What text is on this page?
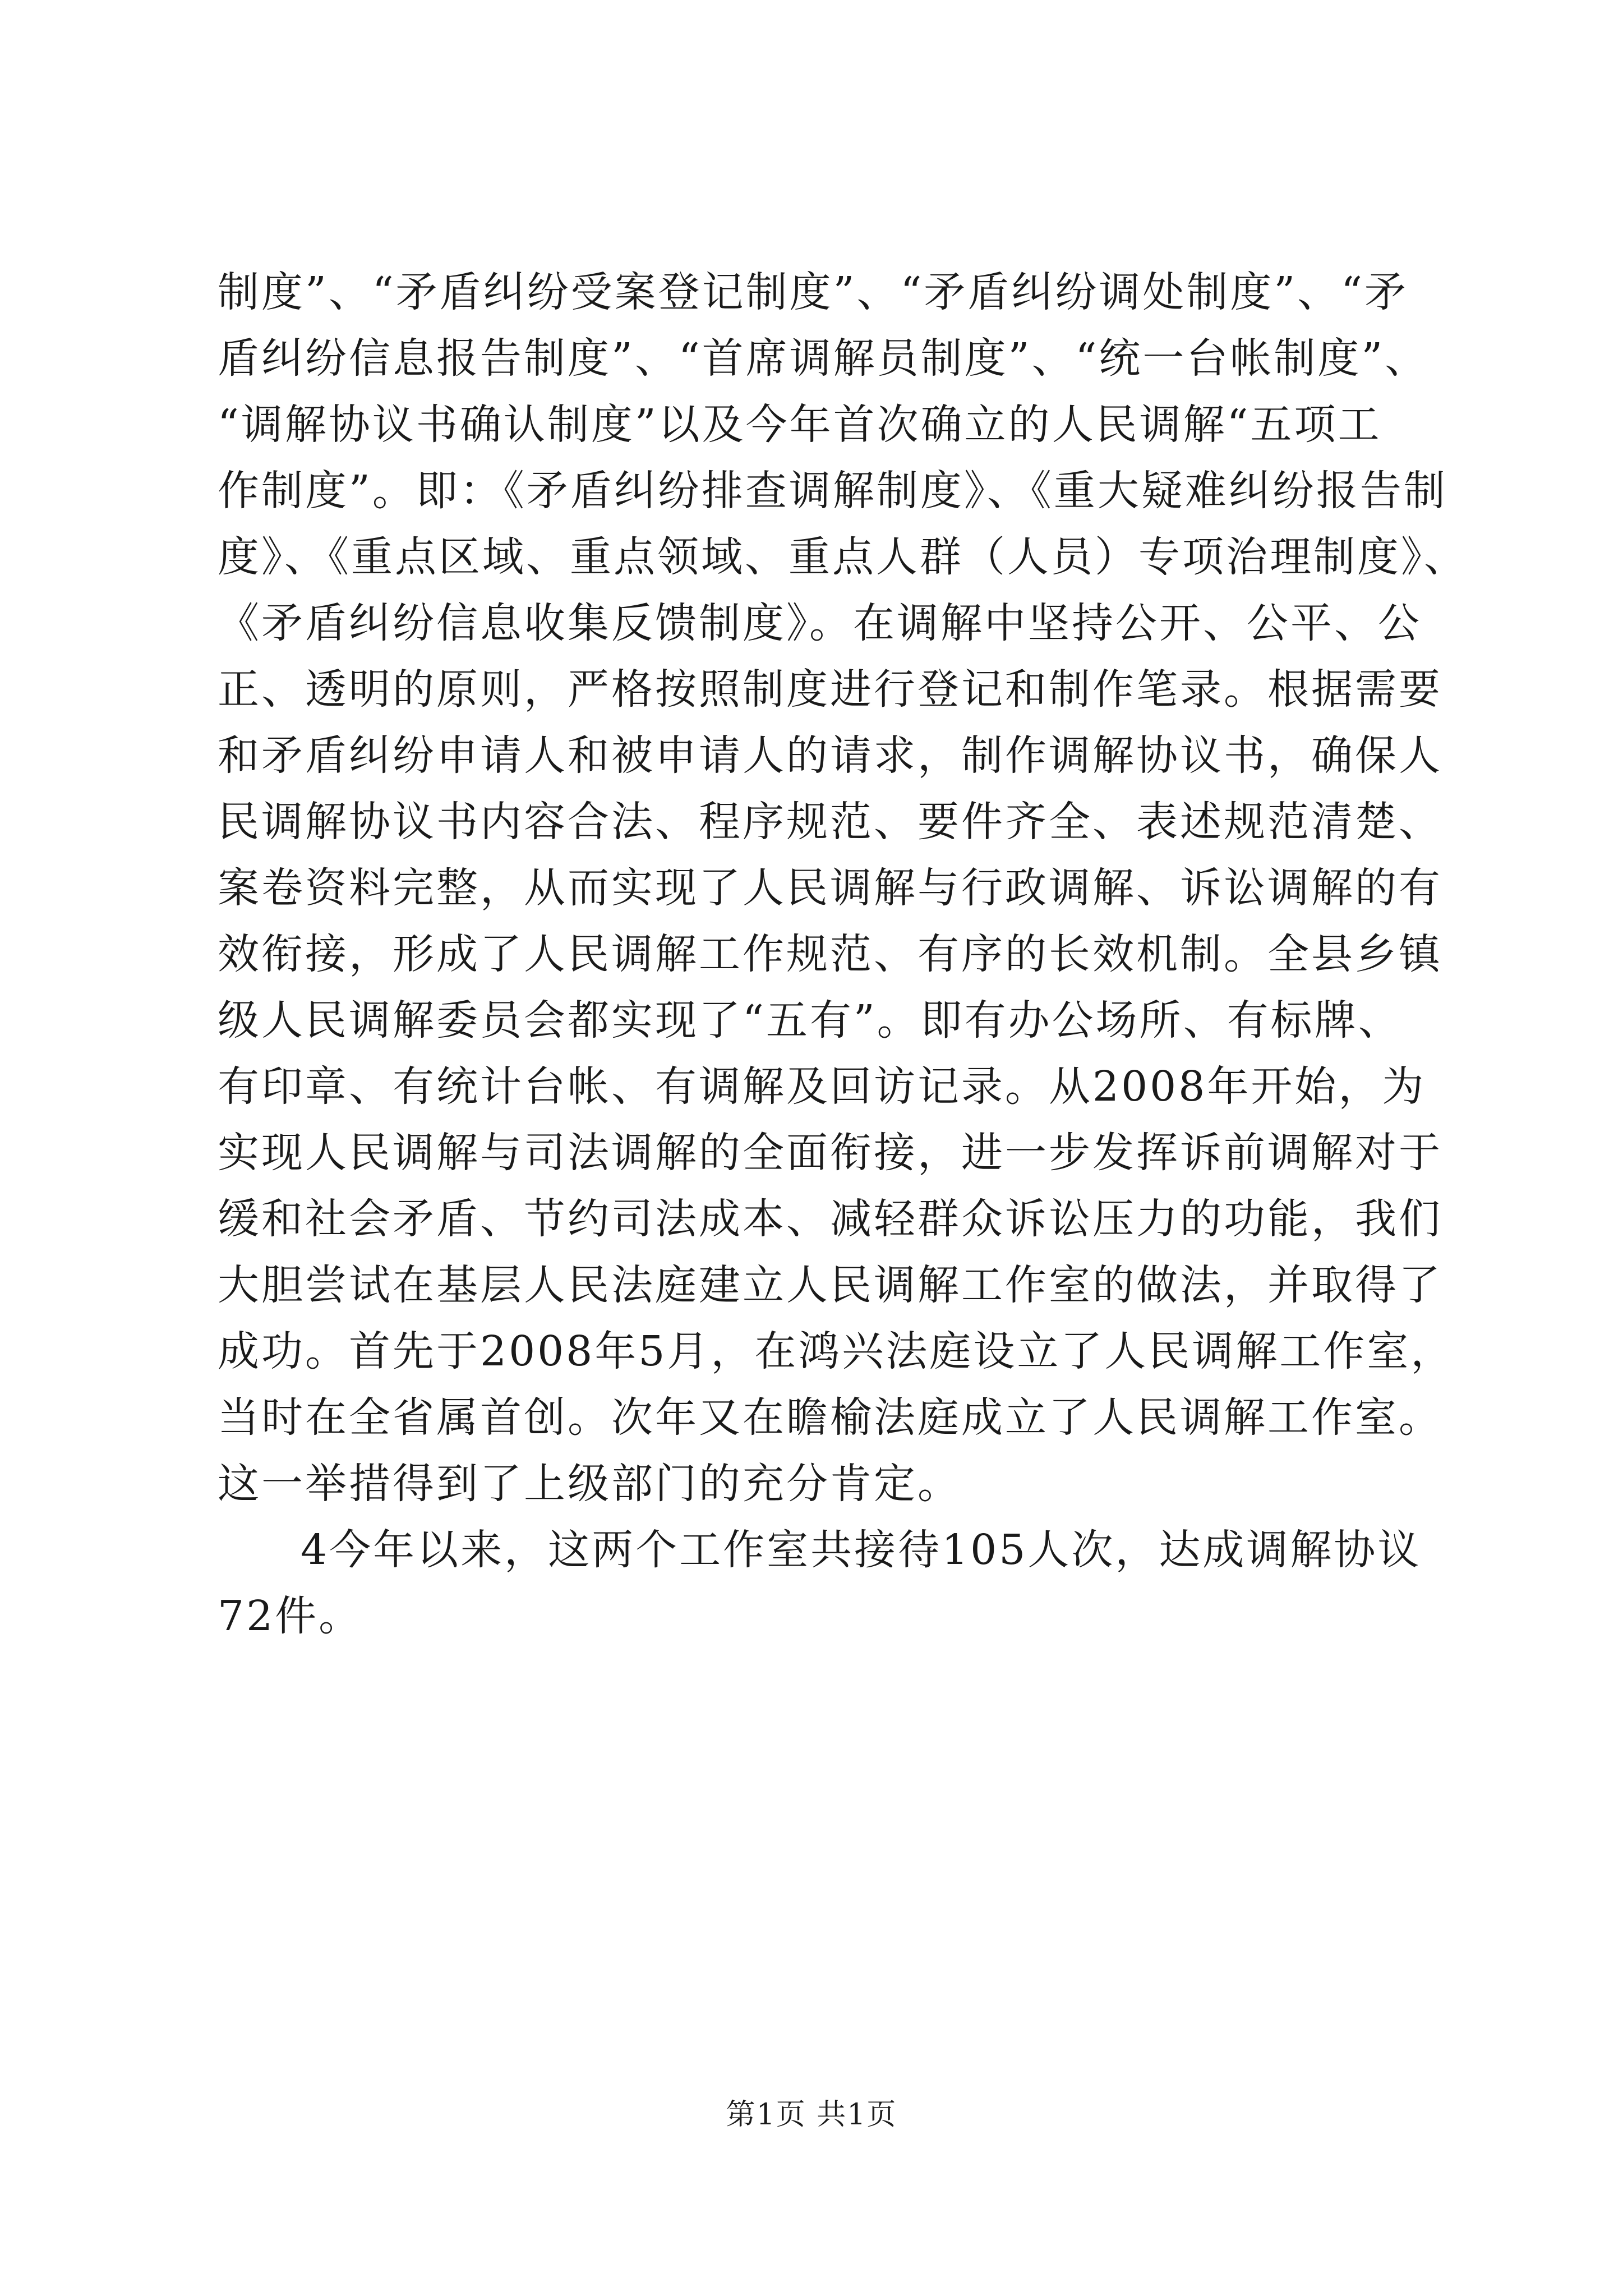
制度”、“矛盾纠纷受案登记制度”、“矛盾纠纷调处制度”、“矛
盾纠纷信息报告制度”、“首席调解员制度”、“统一台帐制度”、
“调解协议书确认制度”以及今年首次确立的人民调解“五项工
作制度”。即：《矛盾纠纷排查调解制度》、《重大疑难纠纷报告制
度》、《重点区域、重点领域、重点人群（人员）专项治理制度》、
《矛盾纠纷信息收集反馈制度》。在调解中坚持公开、公平、公
正、透明的原则，严格按照制度进行登记和制作笔录。根据需要
和矛盾纠纷申请人和被申请人的请求，制作调解协议书，确保人
民调解协议书内容合法、程序规范、要件齐全、表述规范清楚、
案卷资料完整，从而实现了人民调解与行政调解、诉讼调解的有
效衔接，形成了人民调解工作规范、有序的长效机制。全县乡镇
级人民调解委员会都实现了“五有”。即有办公场所、有标牌、
有印章、有统计台帐、有调解及回访记录。从2008年开始，为
实现人民调解与司法调解的全面衔接，进一步发挥诉前调解对于
缓和社会矛盾、节约司法成本、减轻群众诉讼压力的功能，我们
大胆尝试在基层人民法庭建立人民调解工作室的做法，并取得了
成功。首先于2008年5月，在鸿兴法庭设立了人民调解工作室，
当时在全省属首创。次年又在瞻榆法庭成立了人民调解工作室。
这一举措得到了上级部门的充分肯定。
4今年以来，这两个工作室共接待105人次，达成调解协议
72件。
第1页 共1页
